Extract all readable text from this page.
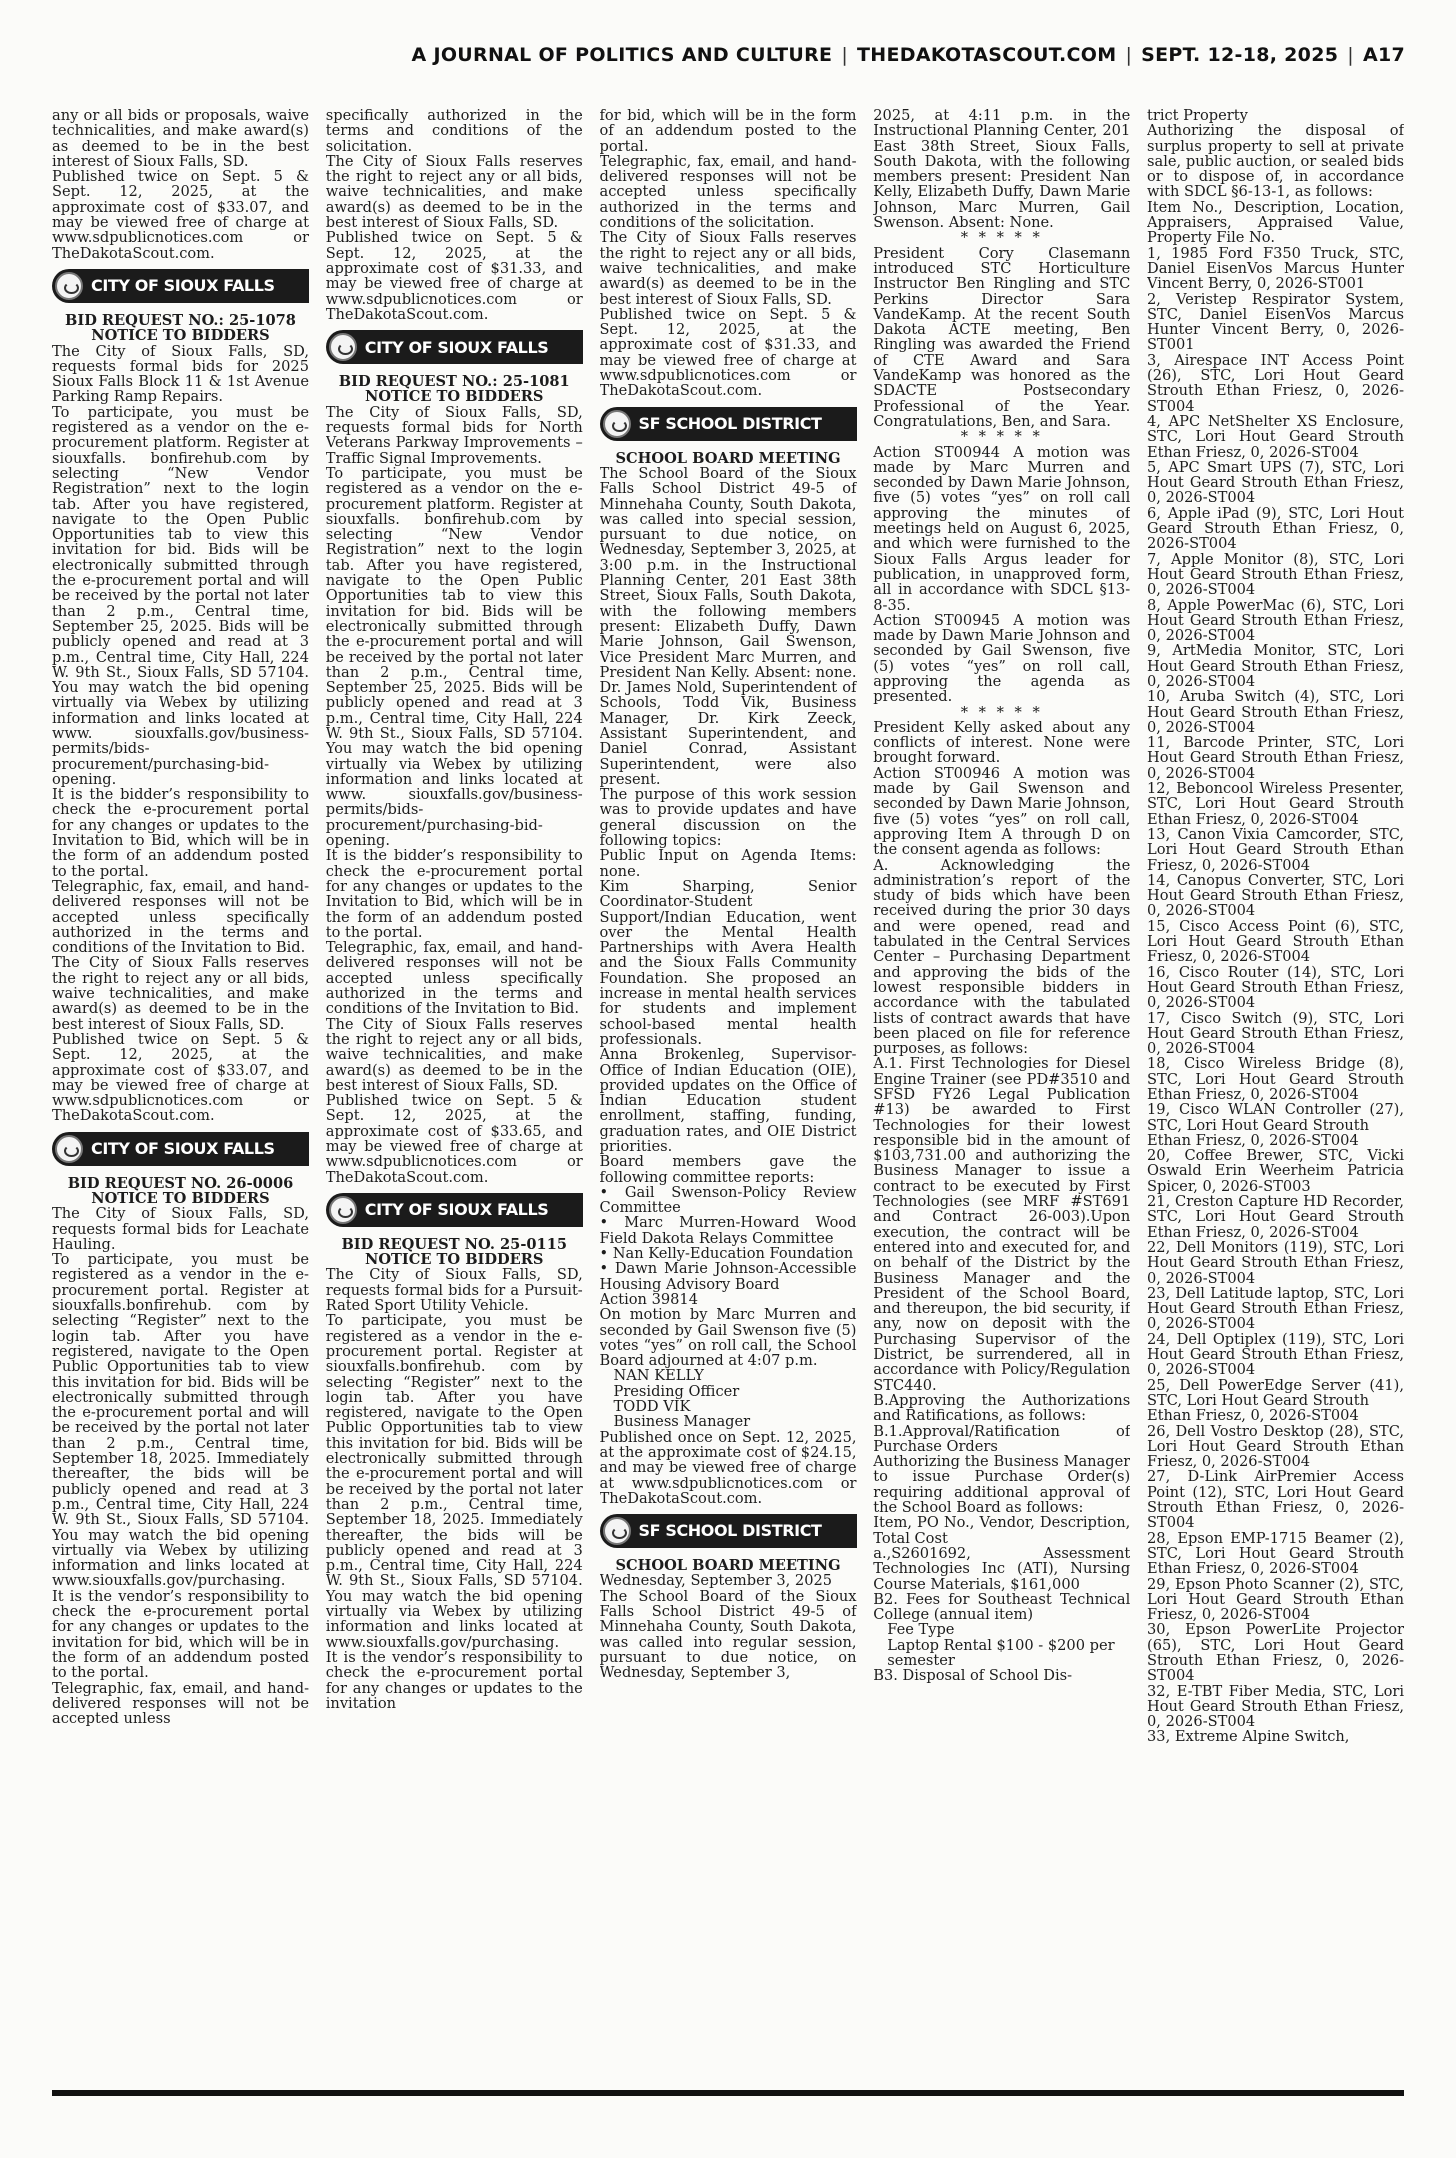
A JOURNAL OF POLITICS AND CULTURE | THEDAKOTASCOUT.COM | SEPT. 12-18, 2025 | A17

any or all bids or proposals, waive technicalities, and make award(s) as deemed to be in the best interest of Sioux Falls, SD.

Published twice on Sept. 5 & Sept. 12, 2025, at the approximate cost of $33.07, and may be viewed free of charge at www.sdpublicnotices.com or TheDakotaScout.com.

CITY OF SIOUX FALLS

BID REQUEST NO.: 25-1078

NOTICE TO BIDDERS

The City of Sioux Falls, SD, requests formal bids for 2025 Sioux Falls Block 11 & 1st Avenue Parking Ramp Repairs.

To participate, you must be registered as a vendor on the e-procurement platform. Register at siouxfalls. bonfirehub.com by selecting “New Vendor Registration” next to the login tab. After you have registered, navigate to the Open Public Opportunities tab to view this invitation for bid. Bids will be electronically submitted through the e-procurement portal and will be received by the portal not later than 2 p.m., Central time, September 25, 2025. Bids will be publicly opened and read at 3 p.m., Central time, City Hall, 224 W. 9th St., Sioux Falls, SD 57104. You may watch the bid opening virtually via Webex by utilizing information and links located at www. siouxfalls.gov/business-permits/bids-procurement/purchasing-bid-opening.

It is the bidder’s responsibility to check the e-procurement portal for any changes or updates to the Invitation to Bid, which will be in the form of an addendum posted to the portal.

Telegraphic, fax, email, and hand-delivered responses will not be accepted unless specifically authorized in the terms and conditions of the Invitation to Bid.

The City of Sioux Falls reserves the right to reject any or all bids, waive technicalities, and make award(s) as deemed to be in the best interest of Sioux Falls, SD.

Published twice on Sept. 5 & Sept. 12, 2025, at the approximate cost of $33.07, and may be viewed free of charge at www.sdpublicnotices.com or TheDakotaScout.com.

CITY OF SIOUX FALLS

BID REQUEST NO. 26-0006

NOTICE TO BIDDERS

The City of Sioux Falls, SD, requests formal bids for Leachate Hauling.

To participate, you must be registered as a vendor in the e-procurement portal. Register at siouxfalls.bonfirehub. com by selecting “Register” next to the login tab. After you have registered, navigate to the Open Public Opportunities tab to view this invitation for bid. Bids will be electronically submitted through the e-procurement portal and will be received by the portal not later than 2 p.m., Central time, September 18, 2025. Immediately thereafter, the bids will be publicly opened and read at 3 p.m., Central time, City Hall, 224 W. 9th St., Sioux Falls, SD 57104. You may watch the bid opening virtually via Webex by utilizing information and links located at www.siouxfalls.gov/purchasing.

It is the vendor’s responsibility to check the e-procurement portal for any changes or updates to the invitation for bid, which will be in the form of an addendum posted to the portal.

Telegraphic, fax, email, and hand-delivered responses will not be accepted unless

specifically authorized in the terms and conditions of the solicitation.

The City of Sioux Falls reserves the right to reject any or all bids, waive technicalities, and make award(s) as deemed to be in the best interest of Sioux Falls, SD.

Published twice on Sept. 5 & Sept. 12, 2025, at the approximate cost of $31.33, and may be viewed free of charge at www.sdpublicnotices.com or TheDakotaScout.com.

CITY OF SIOUX FALLS

BID REQUEST NO.: 25-1081

NOTICE TO BIDDERS

The City of Sioux Falls, SD, requests formal bids for North Veterans Parkway Improvements – Traffic Signal Improvements.

To participate, you must be registered as a vendor on the e-procurement platform. Register at siouxfalls. bonfirehub.com by selecting “New Vendor Registration” next to the login tab. After you have registered, navigate to the Open Public Opportunities tab to view this invitation for bid. Bids will be electronically submitted through the e-procurement portal and will be received by the portal not later than 2 p.m., Central time, September 25, 2025. Bids will be publicly opened and read at 3 p.m., Central time, City Hall, 224 W. 9th St., Sioux Falls, SD 57104. You may watch the bid opening virtually via Webex by utilizing information and links located at www. siouxfalls.gov/business-permits/bids-procurement/purchasing-bid-opening.

It is the bidder’s responsibility to check the e-procurement portal for any changes or updates to the Invitation to Bid, which will be in the form of an addendum posted to the portal.

Telegraphic, fax, email, and hand-delivered responses will not be accepted unless specifically authorized in the terms and conditions of the Invitation to Bid.

The City of Sioux Falls reserves the right to reject any or all bids, waive technicalities, and make award(s) as deemed to be in the best interest of Sioux Falls, SD.

Published twice on Sept. 5 & Sept. 12, 2025, at the approximate cost of $33.65, and may be viewed free of charge at www.sdpublicnotices.com or TheDakotaScout.com.

CITY OF SIOUX FALLS

BID REQUEST NO. 25-0115

NOTICE TO BIDDERS

The City of Sioux Falls, SD, requests formal bids for a Pursuit-Rated Sport Utility Vehicle.

To participate, you must be registered as a vendor in the e-procurement portal. Register at siouxfalls.bonfirehub. com by selecting “Register” next to the login tab. After you have registered, navigate to the Open Public Opportunities tab to view this invitation for bid. Bids will be electronically submitted through the e-procurement portal and will be received by the portal not later than 2 p.m., Central time, September 18, 2025. Immediately thereafter, the bids will be publicly opened and read at 3 p.m., Central time, City Hall, 224 W. 9th St., Sioux Falls, SD 57104. You may watch the bid opening virtually via Webex by utilizing information and links located at www.siouxfalls.gov/purchasing.

It is the vendor’s responsibility to check the e-procurement portal for any changes or updates to the invitation

for bid, which will be in the form of an addendum posted to the portal.

Telegraphic, fax, email, and hand-delivered responses will not be accepted unless specifically authorized in the terms and conditions of the solicitation.

The City of Sioux Falls reserves the right to reject any or all bids, waive technicalities, and make award(s) as deemed to be in the best interest of Sioux Falls, SD.

Published twice on Sept. 5 & Sept. 12, 2025, at the approximate cost of $31.33, and may be viewed free of charge at www.sdpublicnotices.com or TheDakotaScout.com.

SF SCHOOL DISTRICT

SCHOOL BOARD MEETING

The School Board of the Sioux Falls School District 49-5 of Minnehaha County, South Dakota, was called into special session, pursuant to due notice, on Wednesday, September 3, 2025, at

3:00 p.m. in the Instructional Planning Center, 201 East 38th Street, Sioux Falls, South Dakota, with the following members present: Elizabeth Duffy, Dawn Marie Johnson, Gail Swenson, Vice President Marc Murren, and President Nan Kelly. Absent: none. Dr. James Nold, Superintendent of Schools, Todd Vik, Business Manager, Dr. Kirk Zeeck, Assistant Superintendent, and Daniel Conrad, Assistant Superintendent, were also present.

The purpose of this work session was to provide updates and have general discussion on the following topics:

Public Input on Agenda Items: none.

Kim Sharping, Senior Coordinator-Student Support/Indian Education, went over the Mental Health Partnerships with Avera Health and the Sioux Falls Community Foundation. She proposed an increase in mental health services for students and implement school-based mental health professionals.

Anna Brokenleg, Supervisor-Office of Indian Education (OIE), provided updates on the Office of Indian Education student enrollment, staffing, funding, graduation rates, and OIE District priorities.

Board members gave the following committee reports:

• Gail Swenson-Policy Review Committee

• Marc Murren-Howard Wood Field Dakota Relays Committee

• Nan Kelly-Education Foundation

• Dawn Marie Johnson-Accessible Housing Advisory Board

Action 39814

On motion by Marc Murren and seconded by Gail Swenson five (5) votes “yes” on roll call, the School Board adjourned at 4:07 p.m.

NAN KELLY

Presiding Officer

TODD VIK

Business Manager

Published once on Sept. 12, 2025, at the approximate cost of $24.15, and may be viewed free of charge at www.sdpublicnotices.com or TheDakotaScout.com.

SF SCHOOL DISTRICT

SCHOOL BOARD MEETING

Wednesday, September 3, 2025

The School Board of the Sioux Falls School District 49-5 of Minnehaha County, South Dakota, was called into regular session, pursuant to due notice, on Wednesday, September 3,

2025, at 4:11 p.m. in the Instructional Planning Center, 201 East 38th Street, Sioux Falls, South Dakota, with the following members present: President Nan Kelly, Elizabeth Duffy, Dawn Marie Johnson, Marc Murren, Gail Swenson. Absent: None.

* * * * *

President Cory Clasemann introduced STC Horticulture Instructor Ben Ringling and STC Perkins Director Sara VandeKamp. At the recent South Dakota ACTE meeting, Ben Ringling was awarded the Friend of CTE Award and Sara VandeKamp was honored as the SDACTE Postsecondary Professional of the Year. Congratulations, Ben, and Sara.

* * * * *

Action ST00944 A motion was made by Marc Murren and seconded by Dawn Marie Johnson, five (5) votes “yes” on roll call approving the minutes of meetings held on August 6, 2025, and which were furnished to the Sioux Falls Argus leader for publication, in unapproved form, all in accordance with SDCL §13-8-35.

Action ST00945 A motion was made by Dawn Marie Johnson and seconded by Gail Swenson, five (5) votes “yes” on roll call, approving the agenda as presented.

* * * * *

President Kelly asked about any conflicts of interest. None were brought forward.

Action ST00946 A motion was made by Gail Swenson and seconded by Dawn Marie Johnson, five (5) votes “yes” on roll call, approving Item A through D on the consent agenda as follows:

A. Acknowledging the administration’s report of the study of bids which have been received during the prior 30 days and were opened, read and tabulated in the Central Services Center – Purchasing Department and approving the bids of the lowest responsible bidders in accordance with the tabulated lists of contract awards that have been placed on file for reference purposes, as follows:

A.1. First Technologies for Diesel Engine Trainer (see PD#3510 and SFSD FY26 Legal Publication #13) be awarded to First Technologies for their lowest responsible bid in the amount of $103,731.00 and authorizing the Business Manager to issue a contract to be executed by First Technologies (see MRF #ST691 and Contract 26-003).Upon execution, the contract will be entered into and executed for, and on behalf of the District by the Business Manager and the President of the School Board, and thereupon, the bid security, if any, now on deposit with the Purchasing Supervisor of the District, be surrendered, all in accordance with Policy/Regulation STC440.

B.Approving the Authorizations and Ratifications, as follows:

B.1.Approval/Ratification of Purchase Orders

Authorizing the Business Manager to issue Purchase Order(s) requiring additional approval of the School Board as follows:

Item, PO No., Vendor, Description, Total Cost

a.,S2601692, Assessment Technologies Inc (ATI), Nursing Course Materials, $161,000

B2. Fees for Southeast Technical College (annual item)

Fee Type

Laptop Rental $100 - $200 per semester

B3. Disposal of School Dis-

trict Property

Authorizing the disposal of surplus property to sell at private sale, public auction, or sealed bids or to dispose of, in accordance with SDCL §6-13-1, as follows:

Item No., Description, Location, Appraisers, Appraised Value, Property File No.

1, 1985 Ford F350 Truck, STC, Daniel EisenVos Marcus Hunter Vincent Berry, 0, 2026-ST001

2, Veristep Respirator System, STC, Daniel EisenVos Marcus Hunter Vincent Berry, 0, 2026-ST001

3, Airespace INT Access Point (26), STC, Lori Hout Geard Strouth Ethan Friesz, 0, 2026-ST004

4, APC NetShelter XS Enclosure, STC, Lori Hout Geard Strouth Ethan Friesz, 0, 2026-ST004

5, APC Smart UPS (7), STC, Lori Hout Geard Strouth Ethan Friesz, 0, 2026-ST004

6, Apple iPad (9), STC, Lori Hout Geard Strouth Ethan Friesz, 0, 2026-ST004

7, Apple Monitor (8), STC, Lori Hout Geard Strouth Ethan Friesz, 0, 2026-ST004

8, Apple PowerMac (6), STC, Lori Hout Geard Strouth Ethan Friesz, 0, 2026-ST004

9, ArtMedia Monitor, STC, Lori Hout Geard Strouth Ethan Friesz, 0, 2026-ST004

10, Aruba Switch (4), STC, Lori Hout Geard Strouth Ethan Friesz, 0, 2026-ST004

11, Barcode Printer, STC, Lori Hout Geard Strouth Ethan Friesz, 0, 2026-ST004

12, Beboncool Wireless Presenter, STC, Lori Hout Geard Strouth Ethan Friesz, 0, 2026-ST004

13, Canon Vixia Camcorder, STC, Lori Hout Geard Strouth Ethan Friesz, 0, 2026-ST004

14, Canopus Converter, STC, Lori Hout Geard Strouth Ethan Friesz, 0, 2026-ST004

15, Cisco Access Point (6), STC, Lori Hout Geard Strouth Ethan Friesz, 0, 2026-ST004

16, Cisco Router (14), STC, Lori Hout Geard Strouth Ethan Friesz, 0, 2026-ST004

17, Cisco Switch (9), STC, Lori Hout Geard Strouth Ethan Friesz, 0, 2026-ST004

18, Cisco Wireless Bridge (8), STC, Lori Hout Geard Strouth Ethan Friesz, 0, 2026-ST004

19, Cisco WLAN Controller (27), STC, Lori Hout Geard Strouth

Ethan Friesz, 0, 2026-ST004

20, Coffee Brewer, STC, Vicki Oswald Erin Weerheim Patricia Spicer, 0, 2026-ST003

21, Creston Capture HD Recorder, STC, Lori Hout Geard Strouth Ethan Friesz, 0, 2026-ST004

22, Dell Monitors (119), STC, Lori Hout Geard Strouth Ethan Friesz, 0, 2026-ST004

23, Dell Latitude laptop, STC, Lori Hout Geard Strouth Ethan Friesz, 0, 2026-ST004

24, Dell Optiplex (119), STC, Lori Hout Geard Strouth Ethan Friesz, 0, 2026-ST004

25, Dell PowerEdge Server (41), STC, Lori Hout Geard Strouth

Ethan Friesz, 0, 2026-ST004

26, Dell Vostro Desktop (28), STC, Lori Hout Geard Strouth Ethan Friesz, 0, 2026-ST004

27, D-Link AirPremier Access Point (12), STC, Lori Hout Geard Strouth Ethan Friesz, 0, 2026-ST004

28, Epson EMP-1715 Beamer (2), STC, Lori Hout Geard Strouth Ethan Friesz, 0, 2026-ST004

29, Epson Photo Scanner (2), STC, Lori Hout Geard Strouth Ethan Friesz, 0, 2026-ST004

30, Epson PowerLite Projector (65), STC, Lori Hout Geard Strouth Ethan Friesz, 0, 2026-ST004

32, E-TBT Fiber Media, STC, Lori Hout Geard Strouth Ethan Friesz, 0, 2026-ST004

33, Extreme Alpine Switch,
